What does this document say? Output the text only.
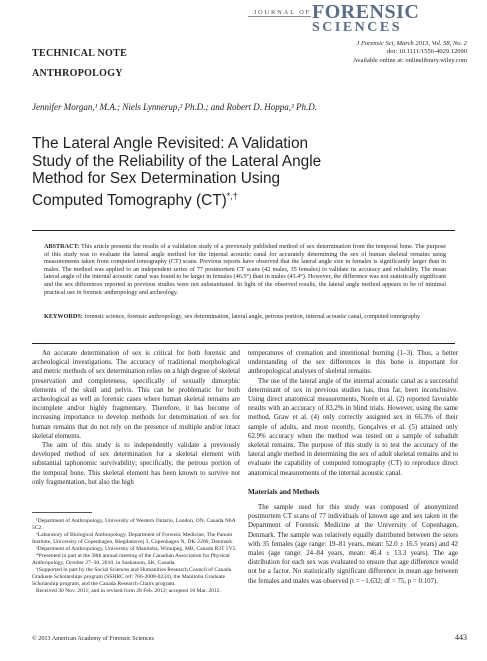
JOURNAL OF FORENSIC
SCIENCES
TECHNICAL NOTE
ANTHROPOLOGY
J Forensic Sci, March 2013, Vol. 58, No. 2
doi: 10.1111/1556-4029.12090
Available online at: onlinelibrary.wiley.com
Jennifer Morgan,¹ M.A.; Niels Lynnerup,² Ph.D.; and Robert D. Hoppa,³ Ph.D.
The Lateral Angle Revisited: A Validation Study of the Reliability of the Lateral Angle Method for Sex Determination Using Computed Tomography (CT)*,†
ABSTRACT: This article presents the results of a validation study of a previously published method of sex determination from the temporal bone. The purpose of this study was to evaluate the lateral angle method for the internal acoustic canal for accurately determining the sex of human skeletal remains using measurements taken from computed tomography (CT) scans. Previous reports have observed that the lateral angle size in females is significantly larger than in males. The method was applied to an independent series of 77 postmortem CT scans (42 males, 35 females) to validate its accuracy and reliability. The mean lateral angle of the internal acoustic canal was found to be larger in females (46.5°) than in males (43.4°). However, the difference was not statistically significant and the sex differences reported in previous studies were not substantiated. In light of the observed results, the lateral angle method appears to be of minimal practical use in forensic anthropology and archeology.
KEYWORDS: forensic science, forensic anthropology, sex determination, lateral angle, petrous portion, internal acoustic canal, computed tomography

An accurate determination of sex is critical for both forensic and archeological investigations. The accuracy of traditional morphological and metric methods of sex determination relies on a high degree of skeletal preservation and completeness, specifically of sexually dimorphic elements of the skull and pelvis. This can be problematic for both archeological as well as forensic cases where human skeletal remains are incomplete and/or highly fragmentary. Therefore, it has become of increasing importance to develop methods for determination of sex for human remains that do not rely on the presence of multiple and/or intact skeletal elements.

The aim of this study is to independently validate a previously developed method of sex determination for a skeletal element with substantial taphonomic survivability; specifically, the petrous portion of the temporal bone. This skeletal element has been known to survive not only fragmentation, but also the high

¹Department of Anthropology, University of Western Ontario, London, ON, Canada N6A 5C2.

²Laboratory of Biological Anthropology, Department of Forensic Medicine, The Panum Institute, University of Copenhagen, Blegdamsvej 3, Copenhagen N, DK-2200, Denmark.

³Department of Anthropology, University of Manitoba, Winnipeg, MB, Canada R3T 5V5.

*Presented in part at the 38th annual meeting of the Canadian Association for Physical Anthropology, October 27–30, 2010, in Saskatoon, SK, Canada.

†Supported in part by the Social Sciences and Humanities Research Council of Canada Graduate Scholarships program (SSHRC ref: 766-2008-0234), the Manitoba Graduate Scholarship program, and the Canada Research Chairs program.

Received 30 Nov. 2011; and in revised form 28 Feb. 2012; accepted 10 Mar. 2012.

temperatures of cremation and intentional burning (1–3). Thus, a better understanding of the sex differences in this bone is important for anthropological analyses of skeletal remains.

The use of the lateral angle of the internal acoustic canal as a successful determinant of sex in previous studies has, thus far, been inconclusive. Using direct anatomical measurements, Norén et al. (2) reported favorable results with an accuracy of 83.2% in blind trials. However, using the same method, Graw et al. (4) only correctly assigned sex in 66.3% of their sample of adults, and most recently, Gonçalves et al. (5) attained only 62.9% accuracy when the method was tested on a sample of subadult skeletal remains. The purpose of this study is to test the accuracy of the lateral angle method in determining the sex of adult skeletal remains and to evaluate the capability of computed tomography (CT) to reproduce direct anatomical measurements of the internal acoustic canal.

Materials and Methods

The sample used for this study was composed of anonymized postmortem CT scans of 77 individuals of known age and sex taken in the Department of Forensic Medicine at the University of Copenhagen, Denmark. The sample was relatively equally distributed between the sexes with 35 females (age range: 19–81 years, mean: 52.0 ± 16.5 years) and 42 males (age range: 24–84 years, mean: 46.4 ± 13.3 years). The age distribution for each sex was evaluated to ensure that age difference would not be a factor. No statistically significant difference in mean age between the females and males was observed (t = −1.632; df = 75, p = 0.107).

© 2013 American Academy of Forensic Sciences	443
